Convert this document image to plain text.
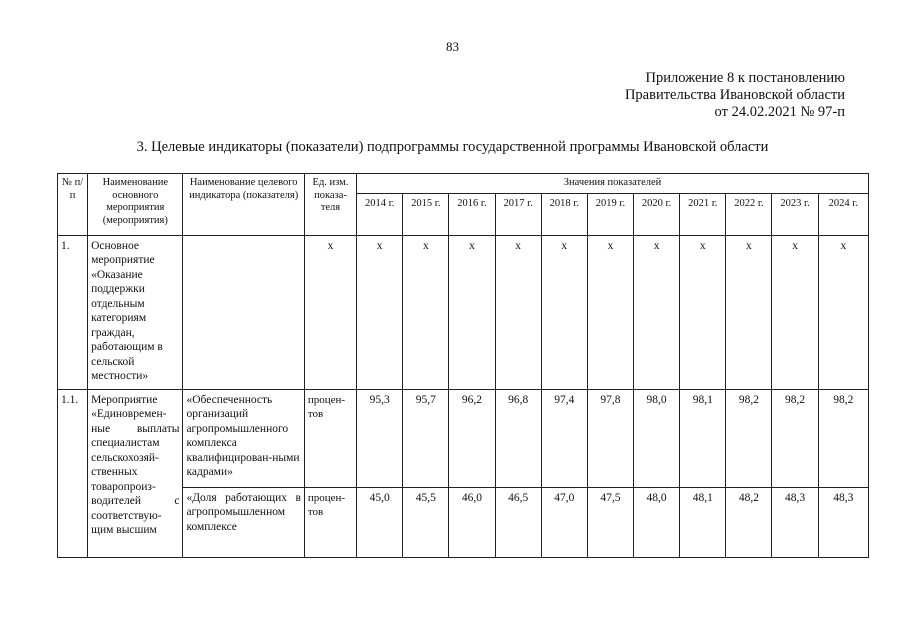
83
Приложение 8 к постановлению
Правительства Ивановской области
от 24.02.2021 № 97-п
3. Целевые индикаторы (показатели) подпрограммы государственной программы Ивановской области
№ п/п	Наименование основного мероприятия (мероприятия)	Наименование целевого индикатора (показателя)	Ед. изм. показа-теля	Значения показателей										
				2014 г.	2015 г.	2016 г.	2017 г.	2018 г.	2019 г.	2020 г.	2021 г.	2022 г.	2023 г.	2024 г.
1.	Основное мероприятие «Оказание поддержки отдельным категориям граждан, работающим в сельской местности»		х	х	х	х	х	х	х	х	х	х	х	х
1.1.	Мероприятие «Единовремен-ные выплаты специалистам сельскохозяй-ственных товаропроиз-водителей с соответствую-щим высшим	«Обеспеченность организаций агропромышленного комплекса квалифицирован-ными кадрами»	процен-тов	95,3	95,7	96,2	96,8	97,4	97,8	98,0	98,1	98,2	98,2	98,2
		«Доля работающих в агропромышленном комплексе	процен-тов	45,0	45,5	46,0	46,5	47,0	47,5	48,0	48,1	48,2	48,3	48,3
